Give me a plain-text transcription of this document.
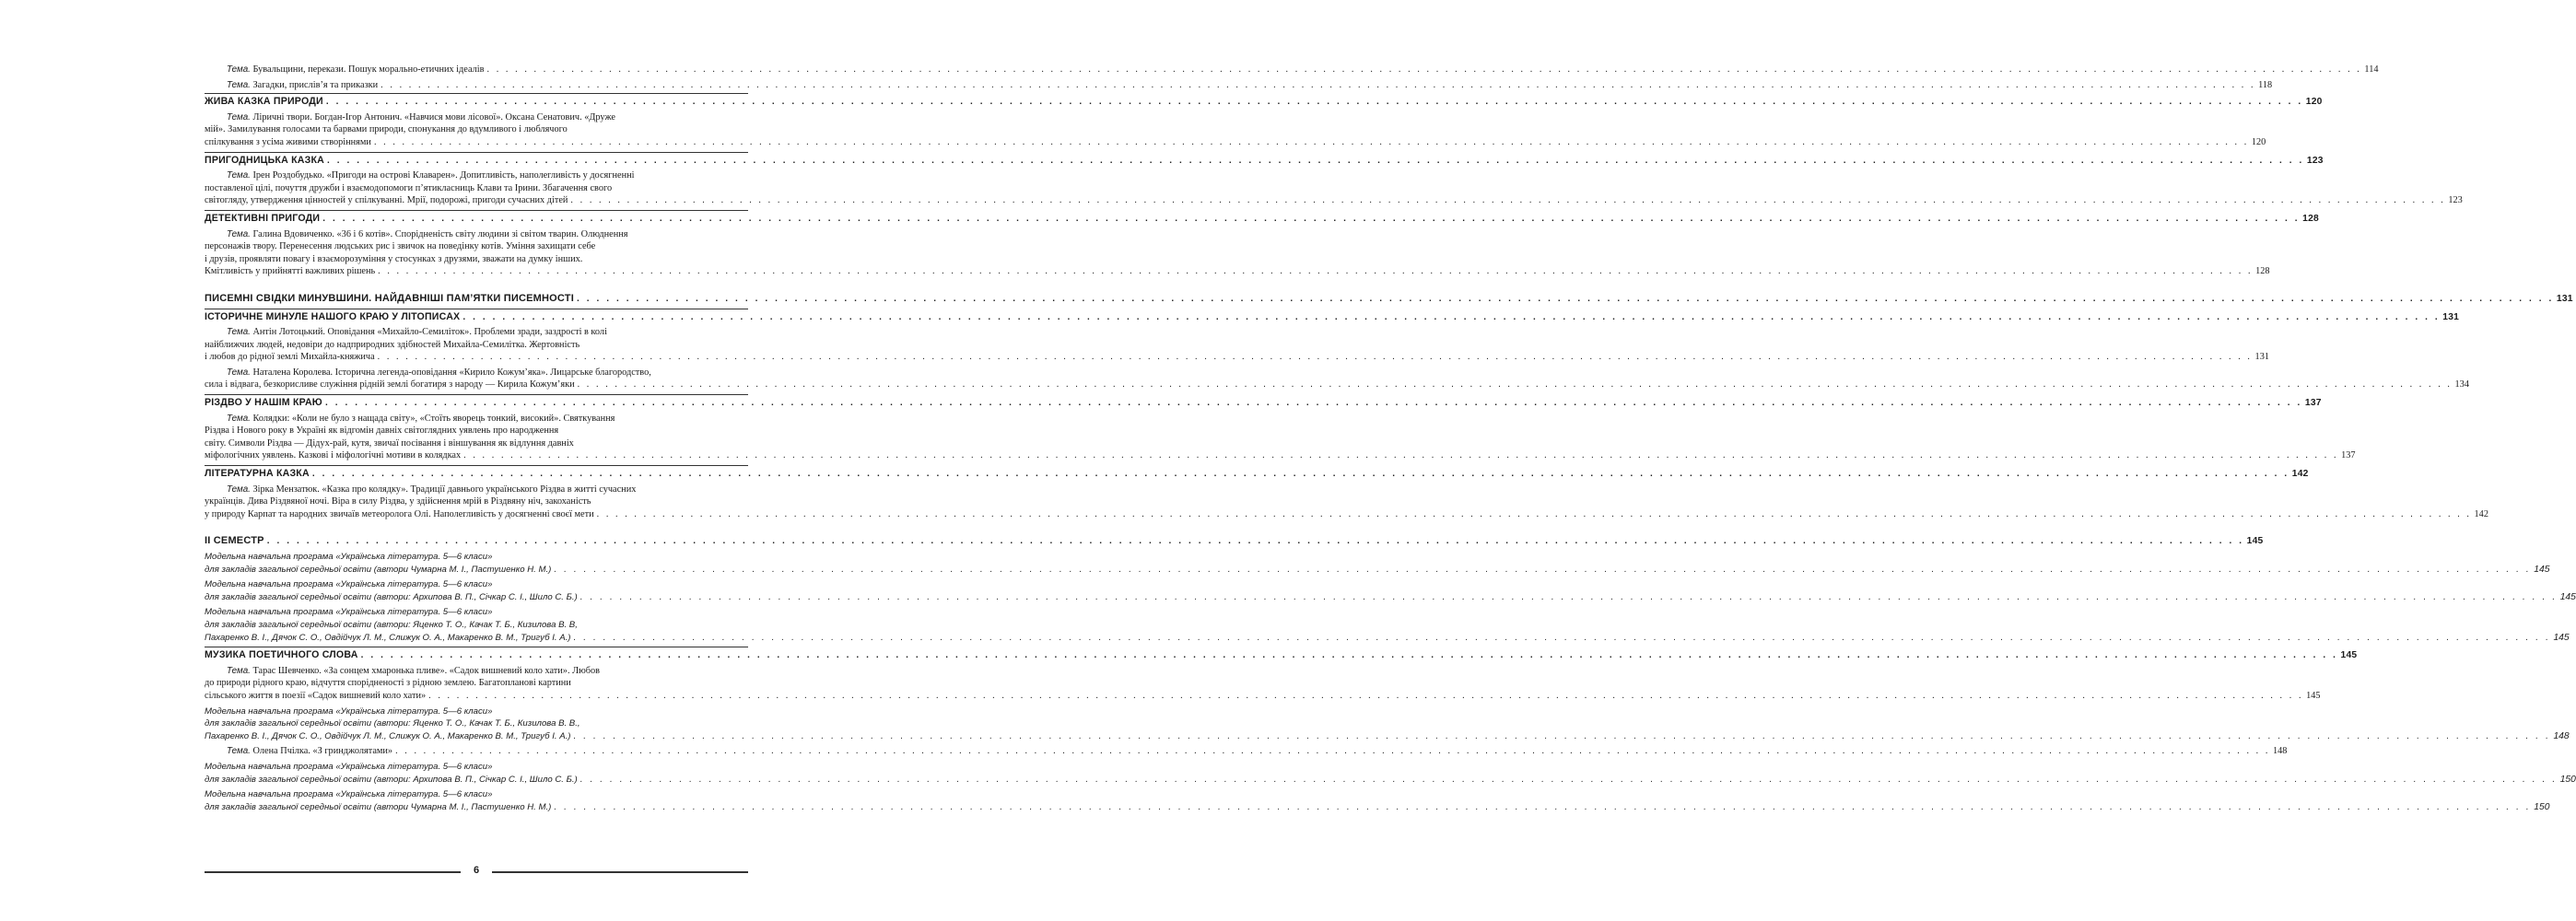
Тема. Бувальщини, перекази. Пошук морально-етичних ідеалів . . .	114
Тема. Загадки, прислів’я та приказки . . .	118
ЖИВА КАЗКА ПРИРОДИ . . .	120
Тема. Ліричні твори. Богдан-Ігор Антонич. «Навчися мови лісової». Оксана Сенатович. «Друже
мій». Замилування голосами та барвами природи, спонукання до вдумливого і люблячого
спілкування з усіма живими створіннями . . .	120
ПРИГОДНИЦЬКА КАЗКА . . .	123
Тема. Ірен Роздобудько. «Пригоди на острові Клаварен». Допитливість, наполегливість у досягненні
поставленої цілі, почуття дружби і взаємодопомоги п’ятикласниць Клави та Ірини. Збагачення свого
світогляду, утвердження цінностей у спілкуванні. Мрії, подорожі, пригоди сучасних дітей . . .	123
ДЕТЕКТИВНІ ПРИГОДИ . . .	128
Тема. Галина Вдовиченко. «36 і 6 котів». Спорідненість світу людини зі світом тварин. Олюднення
персонажів твору. Перенесення людських рис і звичок на поведінку котів. Уміння захищати себе
і друзів, проявляти повагу і взаєморозуміння у стосунках з друзями, зважати на думку інших.
Кмітливість у прийнятті важливих рішень . . .	128
ПИСЕМНІ СВІДКИ МИНУВШИНИ. НАЙДАВНІШІ ПАМ’ЯТКИ ПИСЕМНОСТІ . . .	131
ІСТОРИЧНЕ МИНУЛЕ НАШОГО КРАЮ У ЛІТОПИСАХ . . .	131
Тема. Антін Лотоцький. Оповідання «Михайло-Семиліток». Проблеми зради, заздрості в колі
найближчих людей, недовіри до надприродних здібностей Михайла-Семилітка. Жертовність
і любов до рідної землі Михайла-княжича . . .	131
Тема. Наталена Королева. Історична легенда-оповідання «Кирило Кожум’яка». Лицарське благородство,
сила і відвага, безкорисливе служіння рідній землі богатиря з народу — Кирила Кожум’яки . . .	134
РІЗДВО У НАШІМ КРАЮ . . .	137
Тема. Колядки: «Коли не було з нащада світу», «Стоїть яворець тонкий, високий». Святкування
Різдва і Нового року в Україні як відгомін давніх світоглядних уявлень про народження
світу. Символи Різдва — Дідух-рай, кутя, звичаї посівання і віншування як відлуння давніх
міфологічних уявлень. Казкові і міфологічні мотиви в колядках . . .	137
ЛІТЕРАТУРНА КАЗКА . . .	142
Тема. Зірка Мензатюк. «Казка про колядку». Традиції давнього українського Різдва в житті сучасних
українців. Дива Різдвяної ночі. Віра в силу Різдва, у здійснення мрій в Різдвяну ніч, закоханість
у природу Карпат та народних звичаїв метеоролога Олі. Наполегливість у досягненні своєї мети . . .	142
ІІ СЕМЕСТР . . .	145
Модельна навчальна програма «Українська література. 5—6 класи»
для закладів загальної середньої освіти (автори Чумарна М. І., Пастушенко Н. М.) . . .	145
Модельна навчальна програма «Українська література. 5—6 класи»
для закладів загальної середньої освіти (автори: Архипова В. П., Січкар С. І., Шило С. Б.) . . .	145
Модельна навчальна програма «Українська література. 5—6 класи»
для закладів загальної середньої освіти (автори: Яценко Т. О., Качак Т. Б., Кизилова В. В,
Пахаренко В. І., Дячок С. О., Овдійчук Л. М., Слижук О. А., Макаренко В. М., Тригуб І. А.) . . .	145
МУЗИКА ПОЕТИЧНОГО СЛОВА . . .	145
Тема. Тарас Шевченко. «За сонцем хмаронька пливе». «Садок вишневий коло хати». Любов
до природи рідного краю, відчуття спорідненості з рідною землею. Багатопланові картини
сільського життя в поезії «Садок вишневий коло хати» . . .	145
Модельна навчальна програма «Українська література. 5—6 класи»
для закладів загальної середньої освіти (автори: Яценко Т. О., Качак Т. Б., Кизилова В. В.,
Пахаренко В. І., Дячок С. О., Овдійчук Л. М., Слижук О. А., Макаренко В. М., Тригуб І. А.) . . .	148
Тема. Олена Пчілка. «З гринджолятами» . . .	148
Модельна навчальна програма «Українська література. 5—6 класи»
для закладів загальної середньої освіти (автори: Архипова В. П., Січкар С. І., Шило С. Б.) . . .	150
Модельна навчальна програма «Українська література. 5—6 класи»
для закладів загальної середньої освіти (автори Чумарна М. І., Пастушенко Н. М.) . . .	150
6
